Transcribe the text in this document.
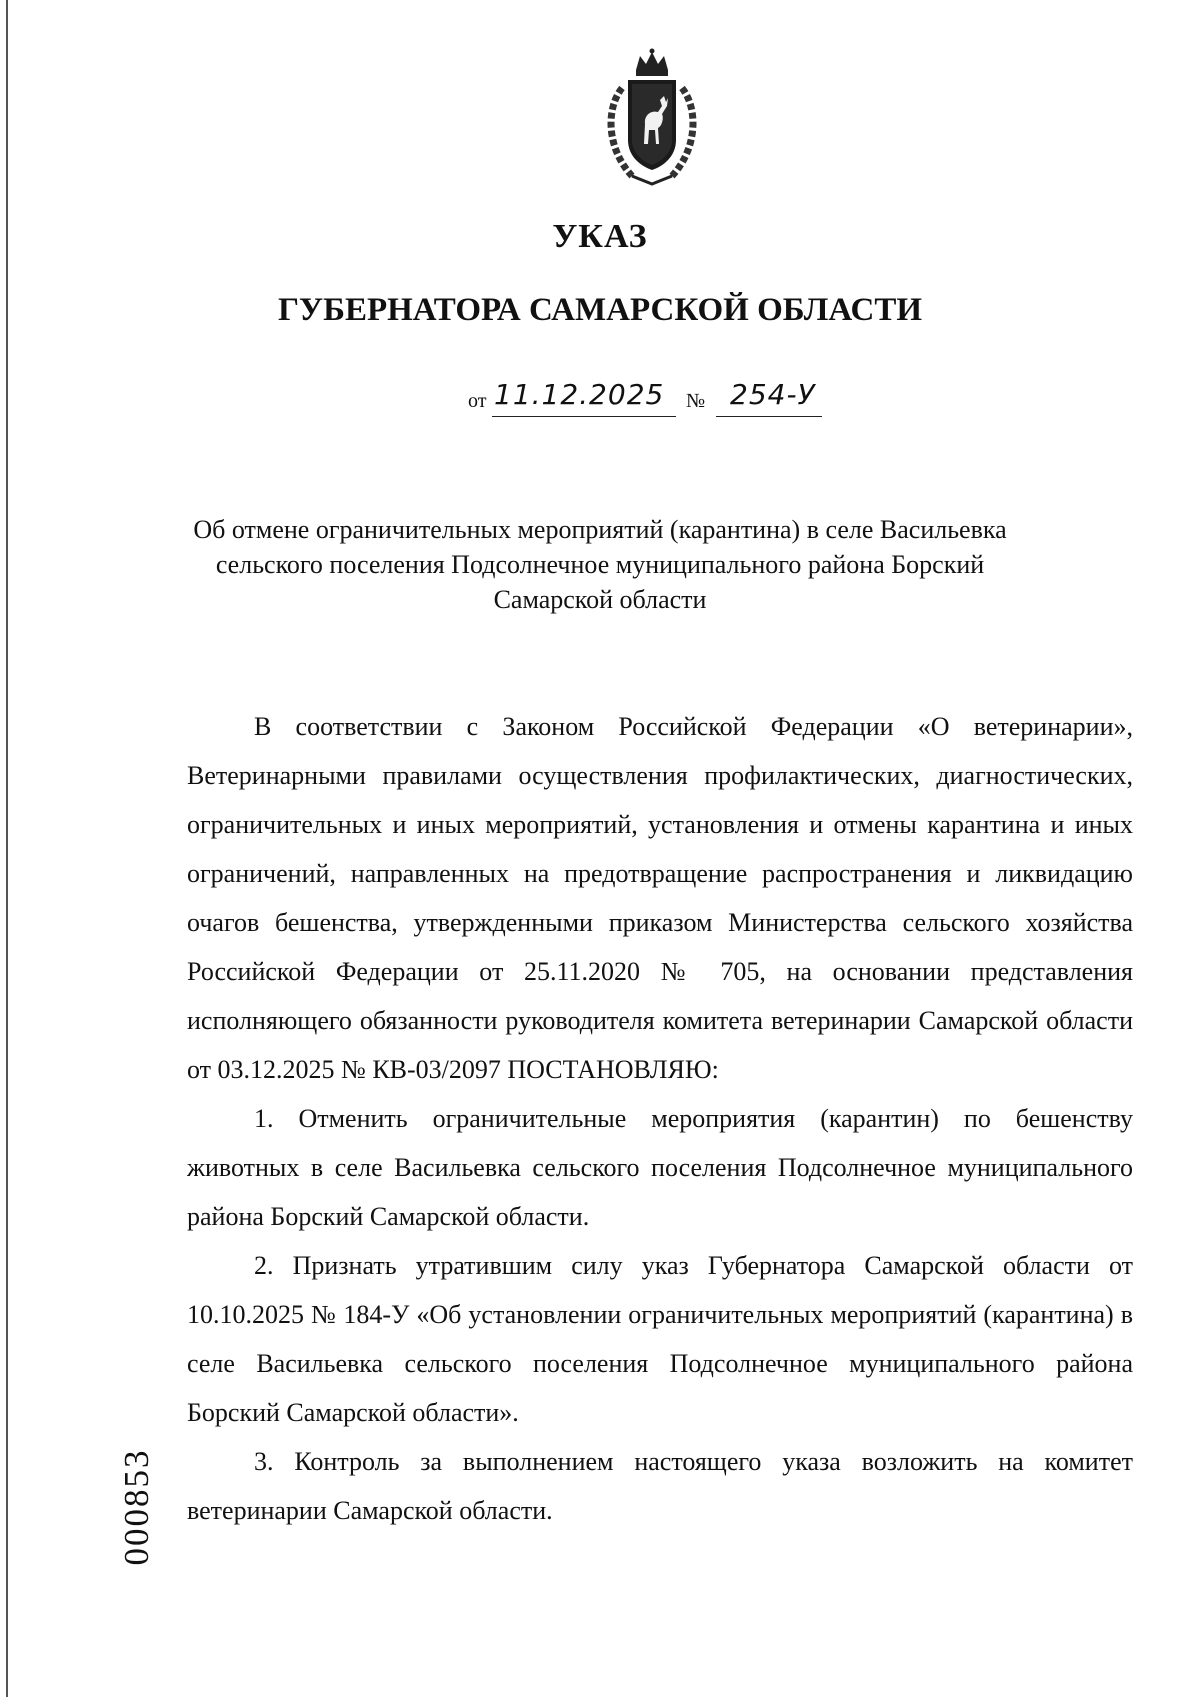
УКАЗ
ГУБЕРНАТОРА САМАРСКОЙ ОБЛАСТИ
от 11.12.2025 № 254-У
Об отмене ограничительных мероприятий (карантина) в селе Васильевка сельского поселения Подсолнечное муниципального района Борский Самарской области

В соответствии с Законом Российской Федерации «О ветеринарии», Ветеринарными правилами осуществления профилактических, диагностических, ограничительных и иных мероприятий, установления и отмены карантина и иных ограничений, направленных на предотвращение распространения и ликвидацию очагов бешенства, утвержденными приказом Министерства сельского хозяйства Российской Федерации от 25.11.2020 № 705, на основании представления исполняющего обязанности руководителя комитета ветеринарии Самарской области от 03.12.2025 № КВ-03/2097 ПОСТАНОВЛЯЮ:

1. Отменить ограничительные мероприятия (карантин) по бешенству животных в селе Васильевка сельского поселения Подсолнечное муниципального района Борский Самарской области.

2. Признать утратившим силу указ Губернатора Самарской области от 10.10.2025 № 184-У «Об установлении ограничительных мероприятий (карантина) в селе Васильевка сельского поселения Подсолнечное муниципального района Борский Самарской области».

3. Контроль за выполнением настоящего указа возложить на комитет ветеринарии Самарской области.

000853
